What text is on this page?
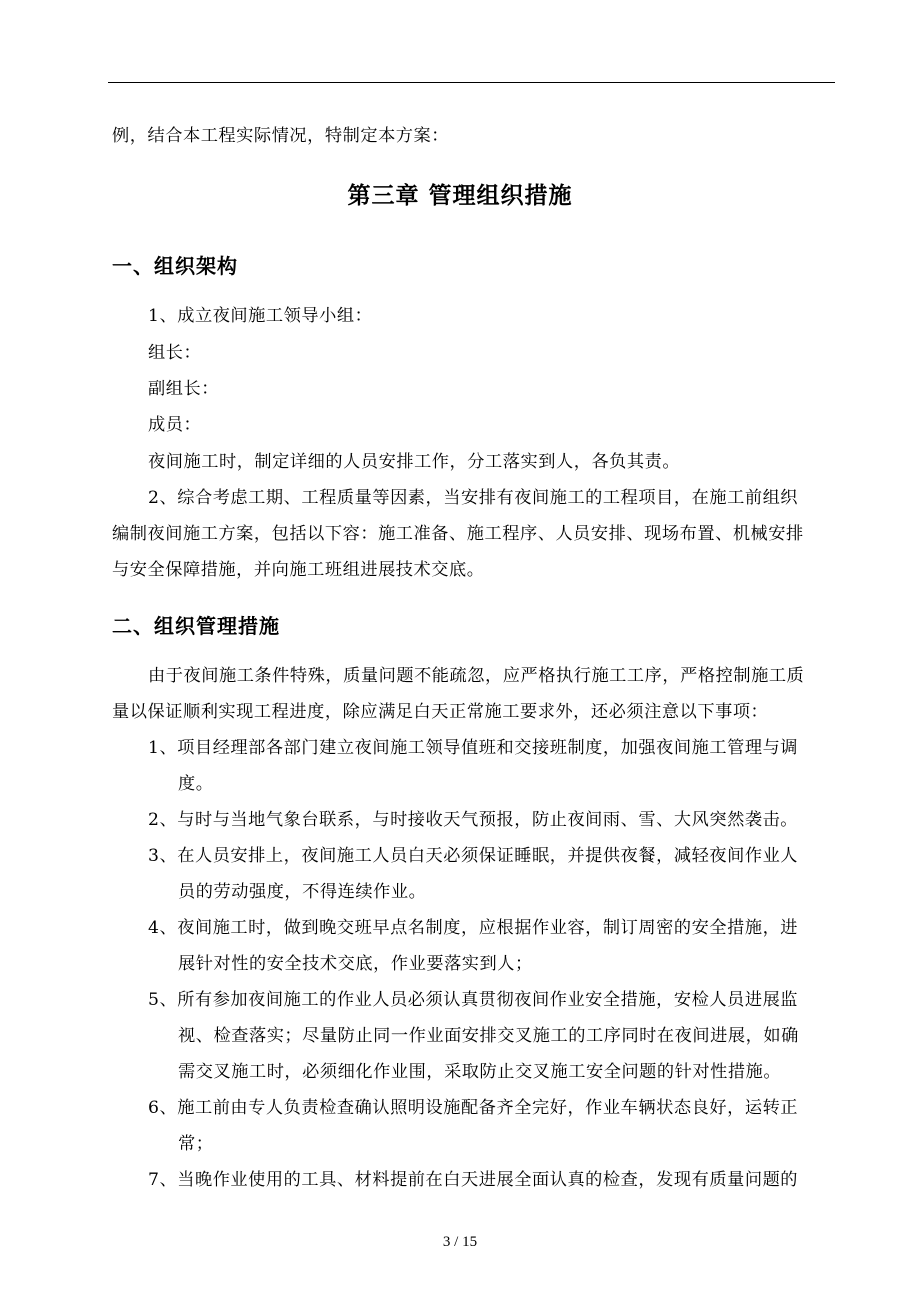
例，结合本工程实际情况，特制定本方案：
第三章 管理组织措施
一、组织架构
1、成立夜间施工领导小组：
组长：
副组长：
成员：
夜间施工时，制定详细的人员安排工作，分工落实到人，各负其责。
2、综合考虑工期、工程质量等因素，当安排有夜间施工的工程项目，在施工前组织
编制夜间施工方案，包括以下容：施工准备、施工程序、人员安排、现场布置、机械安排
与安全保障措施，并向施工班组进展技术交底。
二、组织管理措施
由于夜间施工条件特殊，质量问题不能疏忽，应严格执行施工工序，严格控制施工质
量以保证顺利实现工程进度，除应满足白天正常施工要求外，还必须注意以下事项：
1、项目经理部各部门建立夜间施工领导值班和交接班制度，加强夜间施工管理与调
度。
2、与时与当地气象台联系，与时接收天气预报，防止夜间雨、雪、大风突然袭击。
3、在人员安排上，夜间施工人员白天必须保证睡眠，并提供夜餐，减轻夜间作业人
员的劳动强度，不得连续作业。
4、夜间施工时，做到晚交班早点名制度，应根据作业容，制订周密的安全措施，进
展针对性的安全技术交底，作业要落实到人；
5、所有参加夜间施工的作业人员必须认真贯彻夜间作业安全措施，安检人员进展监
视、检查落实；尽量防止同一作业面安排交叉施工的工序同时在夜间进展，如确
需交叉施工时，必须细化作业围，采取防止交叉施工安全问题的针对性措施。
6、施工前由专人负责检查确认照明设施配备齐全完好，作业车辆状态良好，运转正
常；
7、当晚作业使用的工具、材料提前在白天进展全面认真的检查，发现有质量问题的
3 / 15
